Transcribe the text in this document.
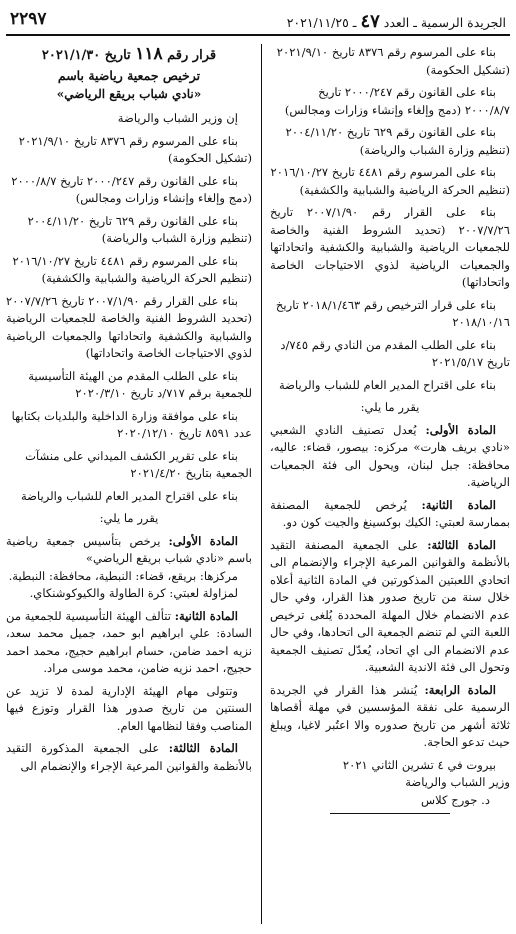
الجريدة الرسمية ـ العدد ٤٧ ـ ٢٠٢١/١١/٢٥
٢٢٩٧
بناء على المرسوم رقم ٨٣٧٦ تاريخ ٢٠٢١/٩/١٠ (تشكيل الحكومة)
بناء على القانون رقم ٢٠٠٠/٢٤٧ تاريخ ٢٠٠٠/٨/٧ (دمج وإلغاء وإنشاء وزارات ومجالس)
بناء على القانون رقم ٦٢٩ تاريخ ٢٠٠٤/١١/٢٠ (تنظيم وزارة الشباب والرياضة)
بناء على المرسوم رقم ٤٤٨١ تاريخ ٢٠١٦/١٠/٢٧ (تنظيم الحركة الرياضية والشبابية والكشفية)
بناء على القرار رقم ٢٠٠٧/١/٩٠ تاريخ ٢٠٠٧/٧/٢٦ (تحديد الشروط الفنية والخاصة للجمعيات الرياضية والشبابية والكشفية واتحاداتها والجمعيات الرياضية لذوي الاحتياجات الخاصة واتحاداتها)
بناء على قرار الترخيص رقم ٢٠١٨/١/٤٦٣ تاريخ ٢٠١٨/١٠/١٦
بناء على الطلب المقدم من النادي رقم ٧٤٥/د تاريخ ٢٠٢١/٥/١٧
بناء على اقتراح المدير العام للشباب والرياضة
يقرر ما يلي:
المادة الأولى: يُعدل تصنيف النادي الشعبي «نادي بريف هارت» مركزه: بيصور، قضاء: عاليه، محافظة: جبل لبنان، ويحول الى فئة الجمعيات الرياضية.
المادة الثانية: يُرخص للجمعية المصنفة بممارسة لعبتي: الكيك بوكسينغ والجيت كون دو.
المادة الثالثة: على الجمعية المصنفة التقيد بالأنظمة والقوانين المرعية الإجراء والإنضمام الى اتحادي اللعبتين المذكورتين في المادة الثانية أعلاه خلال سنة من تاريخ صدور هذا القرار، وفي حال عدم الانضمام خلال المهلة المحددة يُلغى ترخيص اللعبة التي لم تنضم الجمعية الى اتحادها، وفي حال عدم الانضمام الى اي اتحاد، يُعدّل تصنيف الجمعية وتحول الى فئة الاندية الشعبية.
المادة الرابعة: يُنشر هذا القرار في الجريدة الرسمية على نفقة المؤسسين في مهلة أقصاها ثلاثة أشهر من تاريخ صدوره والا اعتُبر لاغيا، ويبلغ حيث تدعو الحاجة.
بيروت في ٤ تشرين الثاني ٢٠٢١
وزير الشباب والرياضة
د. جورج كلاس
قرار رقم ١١٨ تاريخ ٢٠٢١/١/٣٠
ترخيص جمعية رياضية باسم
«نادي شباب بريقع الرياضي»
إن وزير الشباب والرياضة
بناء على المرسوم رقم ٨٣٧٦ تاريخ ٢٠٢١/٩/١٠ (تشكيل الحكومة)
بناء على القانون رقم ٢٠٠٠/٢٤٧ تاريخ ٢٠٠٠/٨/٧ (دمج وإلغاء وإنشاء وزارات ومجالس)
بناء على القانون رقم ٦٢٩ تاريخ ٢٠٠٤/١١/٢٠ (تنظيم وزارة الشباب والرياضة)
بناء على المرسوم رقم ٤٤٨١ تاريخ ٢٠١٦/١٠/٢٧ (تنظيم الحركة الرياضية والشبابية والكشفية)
بناء على القرار رقم ٢٠٠٧/١/٩٠ تاريخ ٢٠٠٧/٧/٢٦ (تحديد الشروط الفنية والخاصة للجمعيات الرياضية والشبابية والكشفية واتحاداتها والجمعيات الرياضية لذوي الاحتياجات الخاصة واتحاداتها)
بناء على الطلب المقدم من الهيئة التأسيسية للجمعية برقم ٧١٧/د تاريخ ٢٠٢٠/٣/١٠
بناء على موافقة وزارة الداخلية والبلديات بكتابها عدد ٨٥٩١ تاريخ ٢٠٢٠/١٢/١٠
بناء على تقرير الكشف الميداني على منشآت الجمعية بتاريخ ٢٠٢١/٤/٢٠
بناء على اقتراح المدير العام للشباب والرياضة
يقرر ما يلي:
المادة الأولى: يرخص بتأسيس جمعية رياضية باسم «نادي شباب بريقع الرياضي»
مركزها: بريقع، قضاء: النبطية، محافظة: النبطية.
لمزاولة لعبتي: كرة الطاولة والكيوكوشنكاي.
المادة الثانية: تتألف الهيئة التأسيسية للجمعية من السادة: علي ابراهيم ابو حمد، جميل محمد سعد، نزيه احمد ضامن، حسام ابراهيم حجيج، محمد احمد حجيج، احمد نزيه ضامن، محمد موسى مراد.
وتتولى مهام الهيئة الإدارية لمدة لا تزيد عن السنتين من تاريخ صدور هذا القرار وتوزع فيها المناصب وفقا لنظامها العام.
المادة الثالثة: على الجمعية المذكورة التقيد بالأنظمة والقوانين المرعية الإجراء والإنضمام الى
